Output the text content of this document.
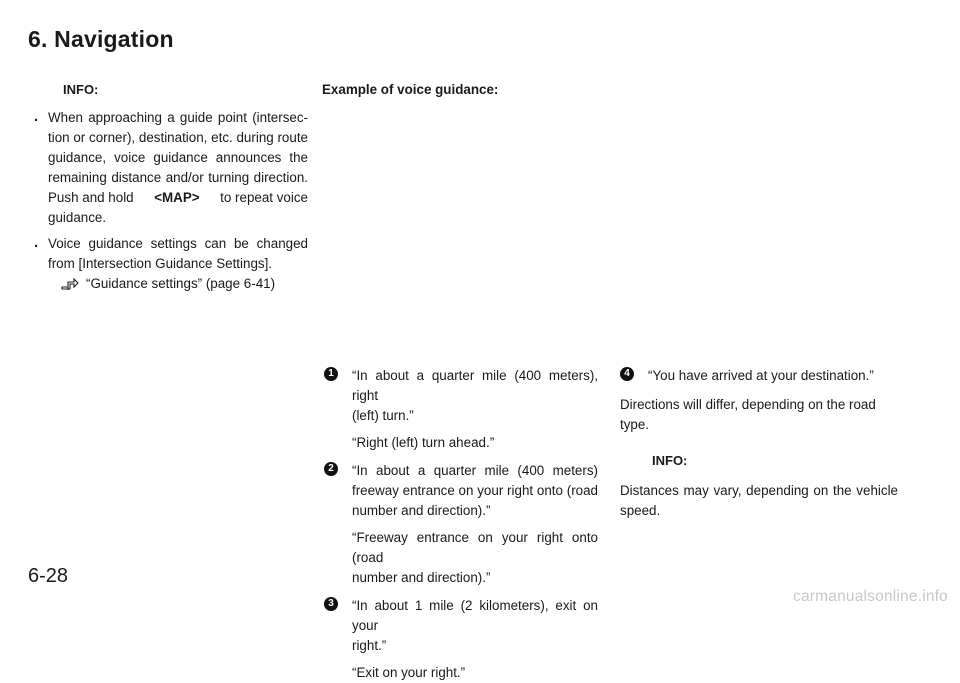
6. Navigation
INFO:
. When approaching a guide point (intersec-
tion or corner), destination, etc. during route
guidance, voice guidance announces the
remaining distance and/or turning direction.
Push and hold <MAP> to repeat voice
guidance.
. Voice guidance settings can be changed
from [Intersection Guidance Settings].
“Guidance settings” (page 6-41)
Example of voice guidance:
1	“In about a quarter mile (400 meters), right
(left) turn.”
“Right (left) turn ahead.”
2	“In about a quarter mile (400 meters)
freeway entrance on your right onto (road
number and direction).”
“Freeway entrance on your right onto (road
number and direction).”
3	“In about 1 mile (2 kilometers), exit on your
right.”
“Exit on your right.”
4	“You have arrived at your destination.”
Directions will differ, depending on the road type.
INFO:
Distances may vary, depending on the vehicle
speed.
6-28
carmanualsonline.info
